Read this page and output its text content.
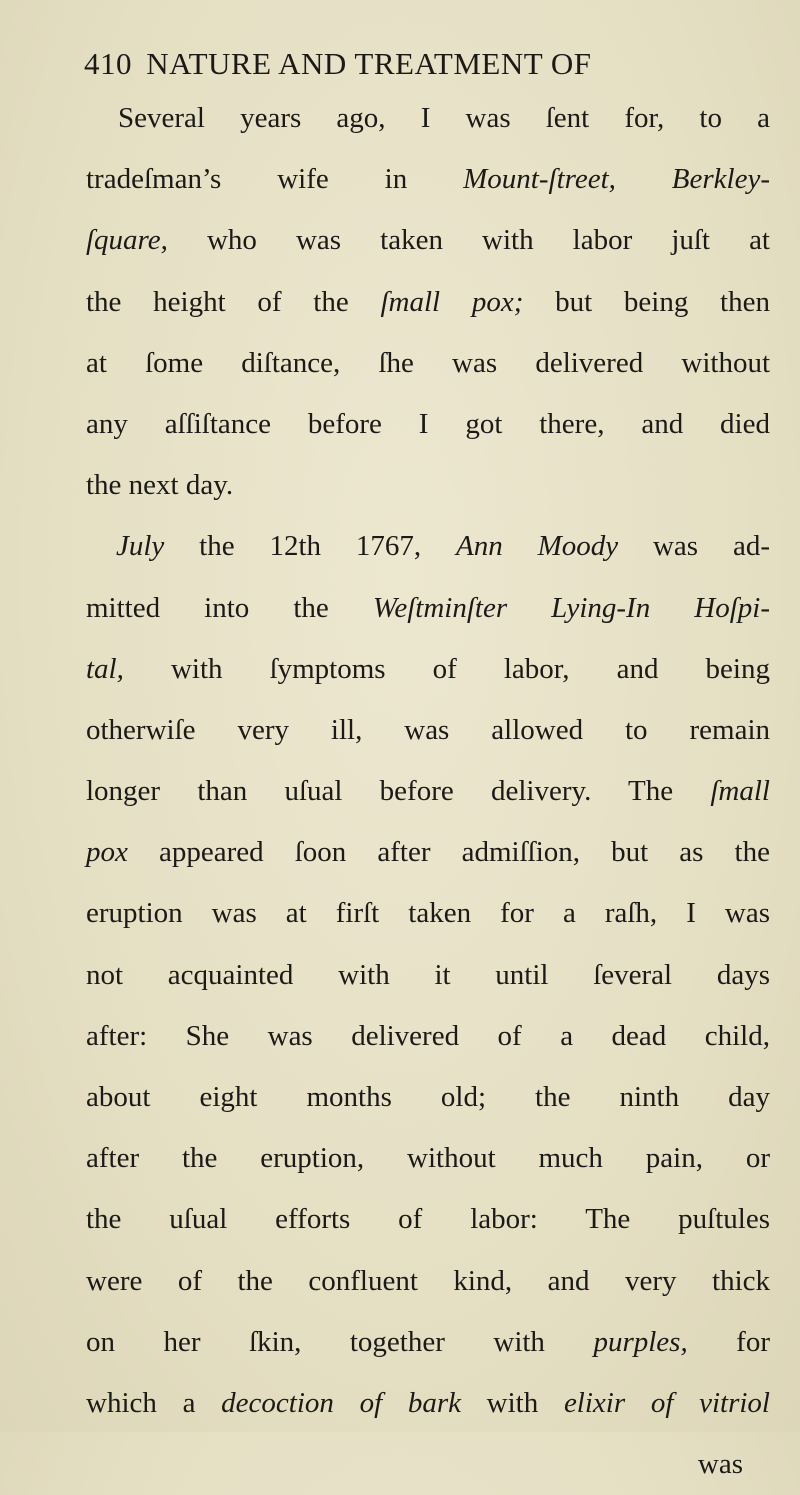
410 NATURE AND TREATMENT OF
Several years ago, I was ſent for, to a
tradeſman’s wife in Mount-ſtreet, Berkley-
ſquare, who was taken with labor juſt at
the height of the ſmall pox; but being then
at ſome diſtance, ſhe was delivered without
any aſſiſtance before I got there, and died
the next day.
July the 12th 1767, Ann Moody was ad-
mitted into the Weſtminſter Lying-In Hoſpi-
tal, with ſymptoms of labor, and being
otherwiſe very ill, was allowed to remain
longer than uſual before delivery. The ſmall
pox appeared ſoon after admiſſion, but as the
eruption was at firſt taken for a raſh, I was
not acquainted with it until ſeveral days
after: She was delivered of a dead child,
about eight months old; the ninth day
after the eruption, without much pain, or
the uſual efforts of labor: The puſtules
were of the confluent kind, and very thick
on her ſkin, together with purples, for
which a decoction of bark with elixir of vitriol
was
